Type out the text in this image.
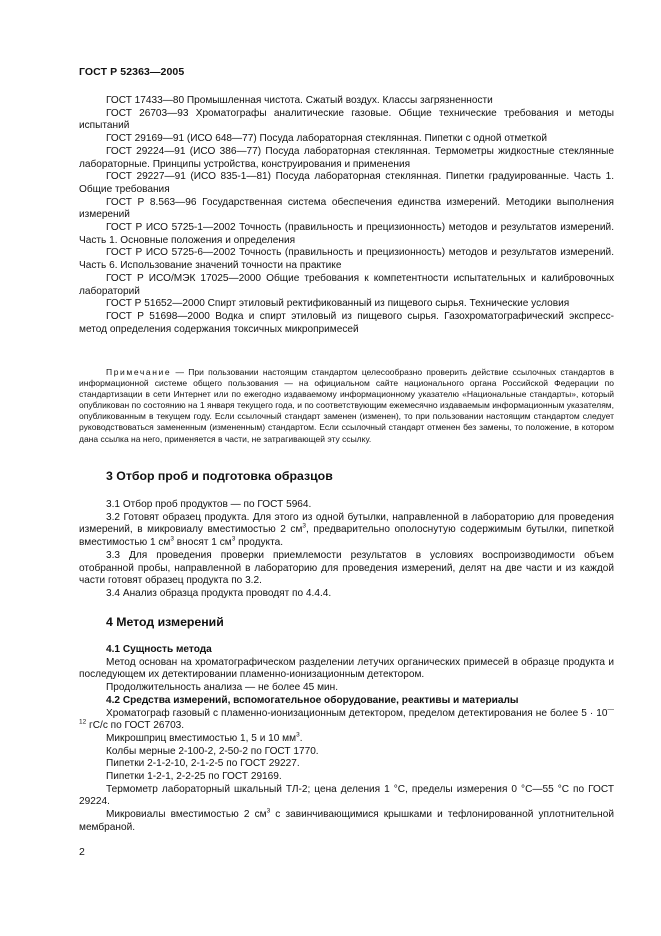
ГОСТ Р 52363—2005

ГОСТ 17433—80 Промышленная чистота. Сжатый воздух. Классы загрязненности

ГОСТ 26703—93 Хроматографы аналитические газовые. Общие технические требования и методы испытаний

ГОСТ 29169—91 (ИСО 648—77) Посуда лабораторная стеклянная. Пипетки с одной отметкой

ГОСТ 29224—91 (ИСО 386—77) Посуда лабораторная стеклянная. Термометры жидкостные стеклянные лабораторные. Принципы устройства, конструирования и применения

ГОСТ 29227—91 (ИСО 835-1—81) Посуда лабораторная стеклянная. Пипетки градуированные. Часть 1. Общие требования

ГОСТ Р 8.563—96 Государственная система обеспечения единства измерений. Методики выполнения измерений

ГОСТ Р ИСО 5725-1—2002 Точность (правильность и прецизионность) методов и результатов измерений. Часть 1. Основные положения и определения

ГОСТ Р ИСО 5725-6—2002 Точность (правильность и прецизионность) методов и результатов измерений. Часть 6. Использование значений точности на практике

ГОСТ Р ИСО/МЭК 17025—2000 Общие требования к компетентности испытательных и калибровочных лабораторий

ГОСТ Р 51652—2000 Спирт этиловый ректификованный из пищевого сырья. Технические условия

ГОСТ Р 51698—2000 Водка и спирт этиловый из пищевого сырья. Газохроматографический экспресс-метод определения содержания токсичных микропримесей

Примечание — При пользовании настоящим стандартом целесообразно проверить действие ссылочных стандартов в информационной системе общего пользования — на официальном сайте национального органа Российской Федерации по стандартизации в сети Интернет или по ежегодно издаваемому информационному указателю «Национальные стандарты», который опубликован по состоянию на 1 января текущего года, и по соответствующим ежемесячно издаваемым информационным указателям, опубликованным в текущем году. Если ссылочный стандарт заменен (изменен), то при пользовании настоящим стандартом следует руководствоваться замененным (измененным) стандартом. Если ссылочный стандарт отменен без замены, то положение, в котором дана ссылка на него, применяется в части, не затрагивающей эту ссылку.

3 Отбор проб и подготовка образцов

3.1 Отбор проб продуктов — по ГОСТ 5964.

3.2 Готовят образец продукта. Для этого из одной бутылки, направленной в лабораторию для проведения измерений, в микровиалу вместимостью 2 $см^3$, предварительно ополоснутую содержимым бутылки, пипеткой вместимостью 1 $см^3$ вносят 1 $см^3$ продукта.

3.3 Для проведения проверки приемлемости результатов в условиях воспроизводимости объем отобранной пробы, направленной в лабораторию для проведения измерений, делят на две части и из каждой части готовят образец продукта по 3.2.

3.4 Анализ образца продукта проводят по 4.4.4.

4 Метод измерений

4.1 Сущность метода

Метод основан на хроматографическом разделении летучих органических примесей в образце продукта и последующем их детектировании пламенно-ионизационным детектором.

Продолжительность анализа — не более 45 мин.

4.2 Средства измерений, вспомогательное оборудование, реактивы и материалы

Хроматограф газовый с пламенно-ионизационным детектором, пределом детектирования не более $5 \cdot 10^{—12}$ гС/с по ГОСТ 26703.

Микрошприц вместимостью 1, 5 и 10 $мм^3$.

Колбы мерные 2-100-2, 2-50-2 по ГОСТ 1770.

Пипетки 2-1-2-10, 2-1-2-5 по ГОСТ 29227.

Пипетки 1-2-1, 2-2-25 по ГОСТ 29169.

Термометр лабораторный шкальный ТЛ-2; цена деления 1 °С, пределы измерения 0 °С—55 °С по ГОСТ 29224.

Микровиалы вместимостью 2 $см^3$ с завинчивающимися крышками и тефлонированной уплотнительной мембраной.

2
